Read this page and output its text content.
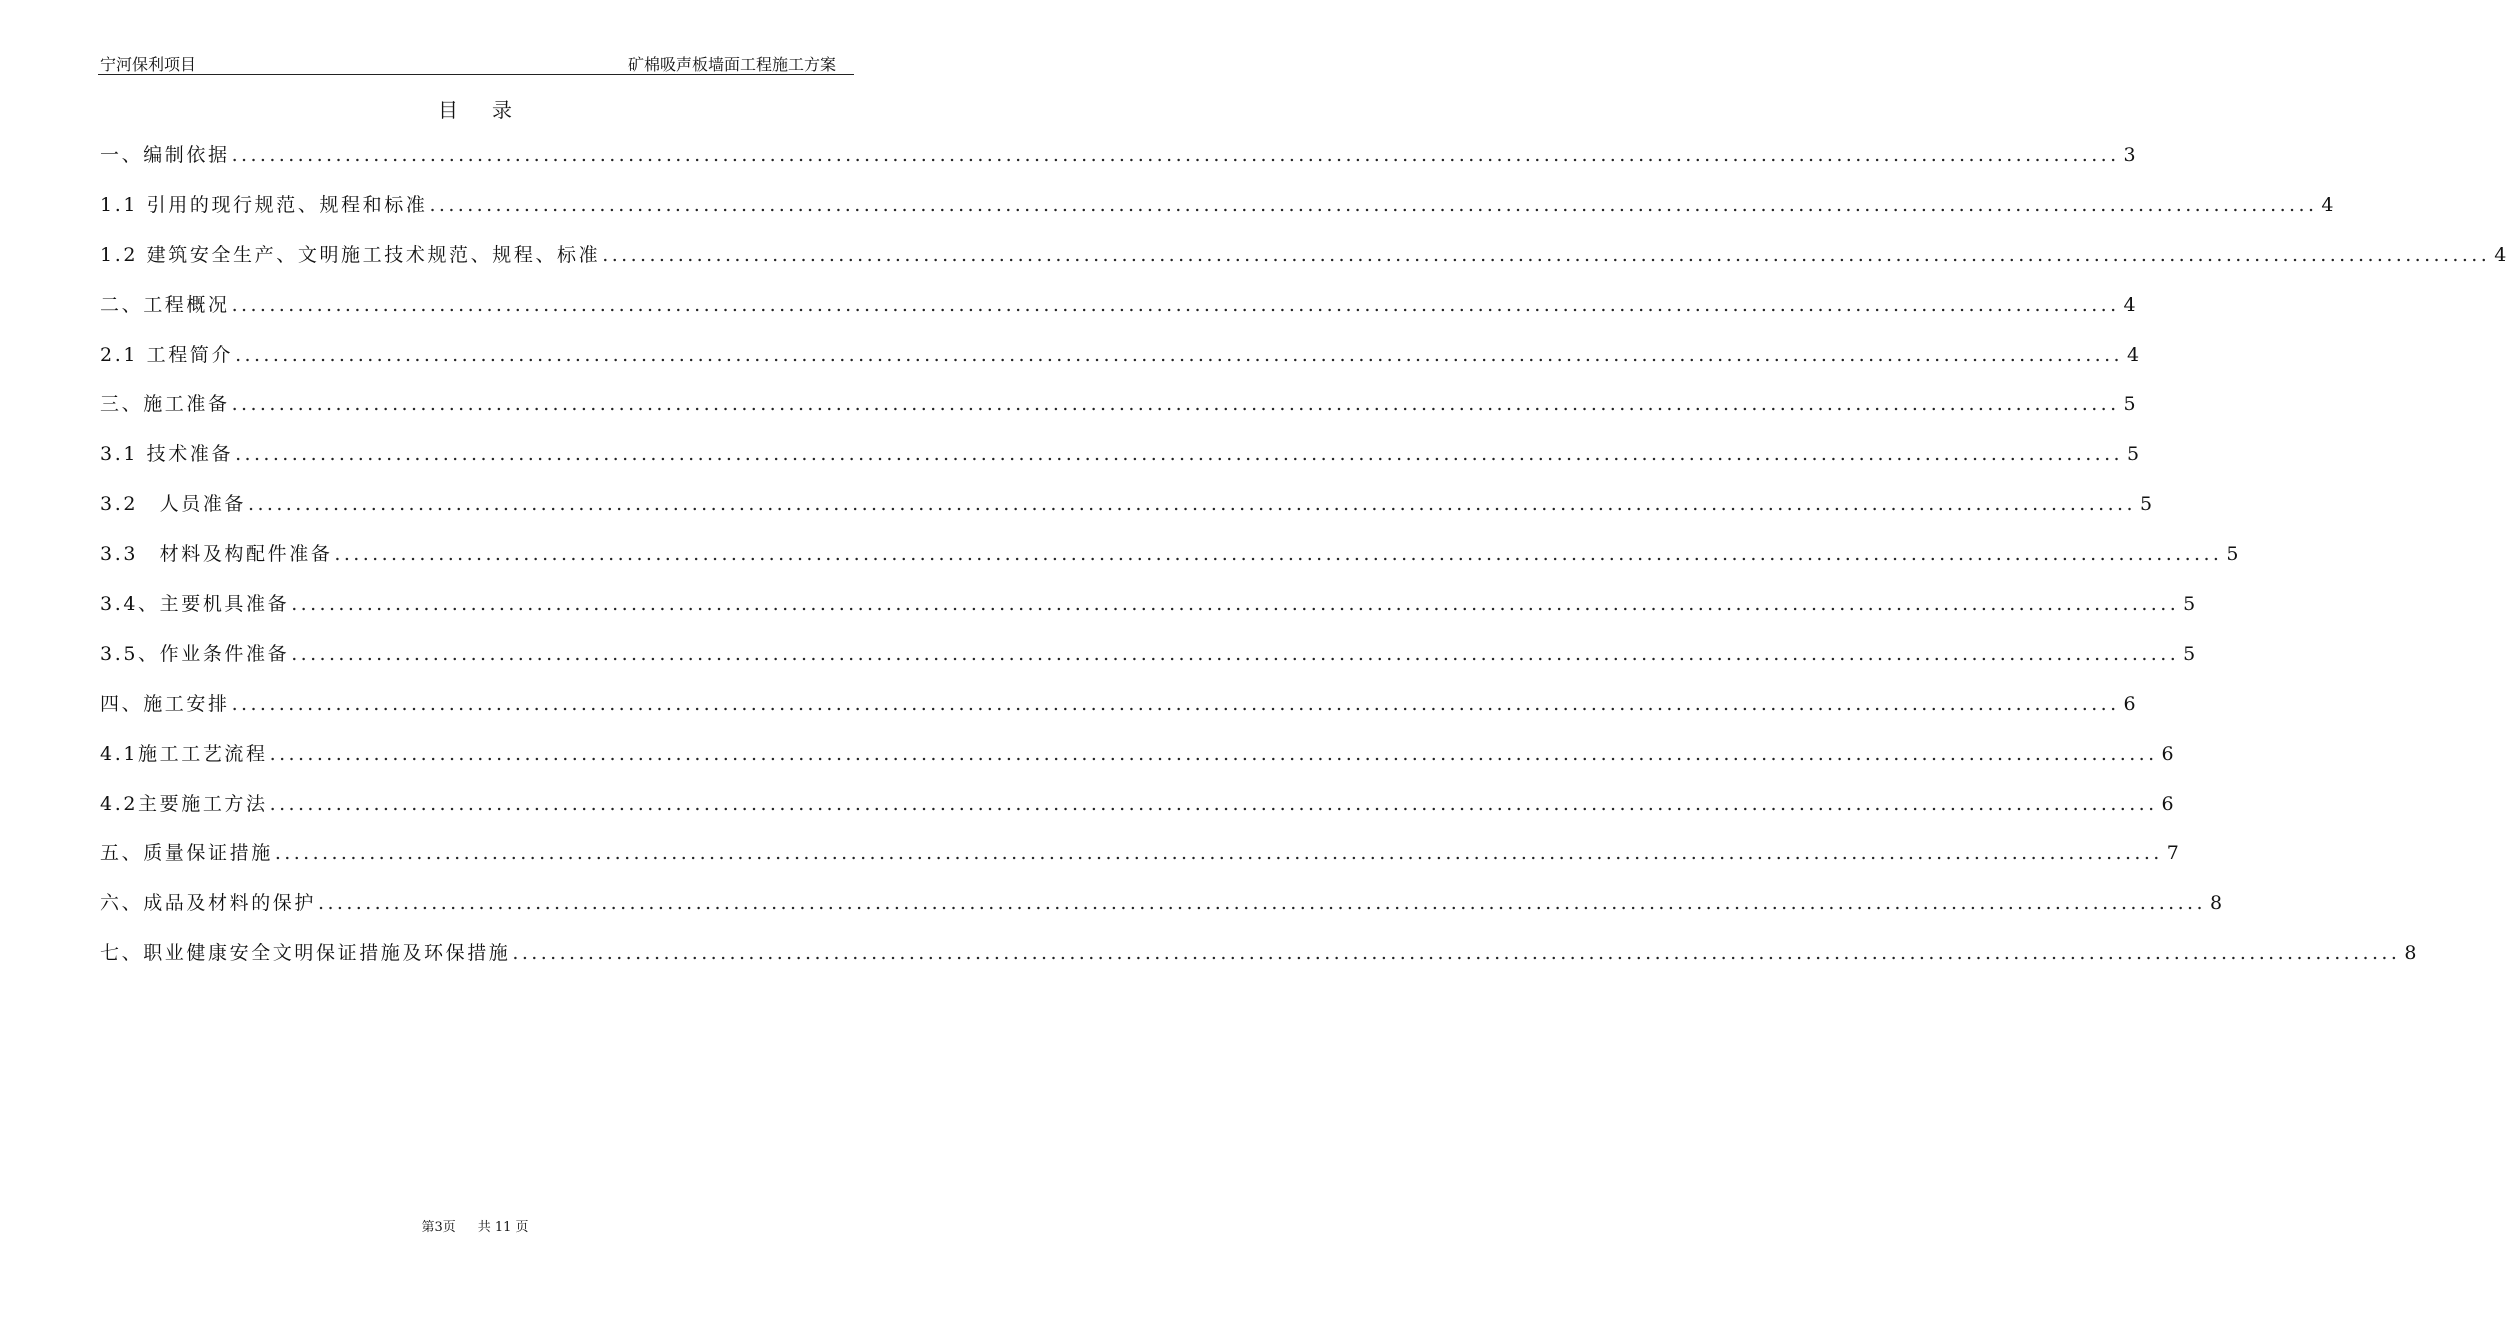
宁河保利项目	矿棉吸声板墙面工程施工方案
目 录
一、编制依据 ........................................................................................................................................................................................................ 3
1.1 引用的现行规范、规程和标准 ........................................................................................................................................................................................................ 4
1.2 建筑安全生产、文明施工技术规范、规程、标准 ........................................................................................................................................................................................................ 4
二、工程概况 ........................................................................................................................................................................................................ 4
2.1 工程简介 ........................................................................................................................................................................................................ 4
三、施工准备 ........................................................................................................................................................................................................ 5
3.1 技术准备 ........................................................................................................................................................................................................ 5
3.2　人员准备 ........................................................................................................................................................................................................ 5
3.3　材料及构配件准备 ........................................................................................................................................................................................................ 5
3.4、主要机具准备 ........................................................................................................................................................................................................ 5
3.5、作业条件准备 ........................................................................................................................................................................................................ 5
四、施工安排 ........................................................................................................................................................................................................ 6
4.1施工工艺流程 ........................................................................................................................................................................................................ 6
4.2主要施工方法 ........................................................................................................................................................................................................ 6
五、质量保证措施 ........................................................................................................................................................................................................ 7
六、成品及材料的保护 ........................................................................................................................................................................................................ 8
七、职业健康安全文明保证措施及环保措施 ........................................................................................................................................................................................................ 8
第3页 共 11 页
